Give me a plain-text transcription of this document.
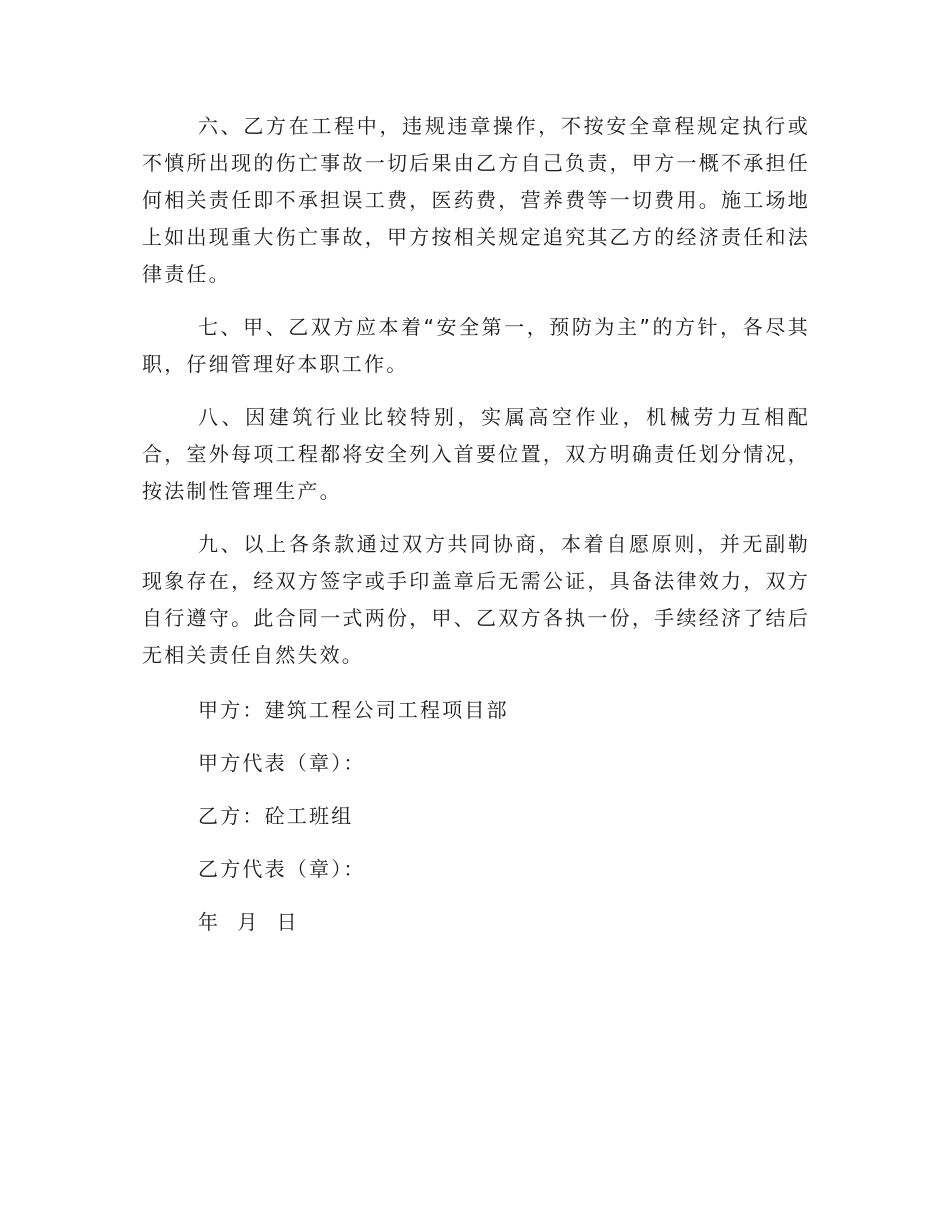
六、乙方在工程中，违规违章操作，不按安全章程规定执行或不慎所出现的伤亡事故一切后果由乙方自己负责，甲方一概不承担任何相关责任即不承担误工费，医药费，营养费等一切费用。施工场地上如出现重大伤亡事故，甲方按相关规定追究其乙方的经济责任和法律责任。

七、甲、乙双方应本着“安全第一，预防为主”的方针，各尽其职，仔细管理好本职工作。

八、因建筑行业比较特别，实属高空作业，机械劳力互相配合，室外每项工程都将安全列入首要位置，双方明确责任划分情况，按法制性管理生产。

九、以上各条款通过双方共同协商，本着自愿原则，并无副勒现象存在，经双方签字或手印盖章后无需公证，具备法律效力，双方自行遵守。此合同一式两份，甲、乙双方各执一份，手续经济了结后无相关责任自然失效。

甲方：建筑工程公司工程项目部
甲方代表（章）：
乙方：砼工班组
乙方代表（章）：
年  月  日
